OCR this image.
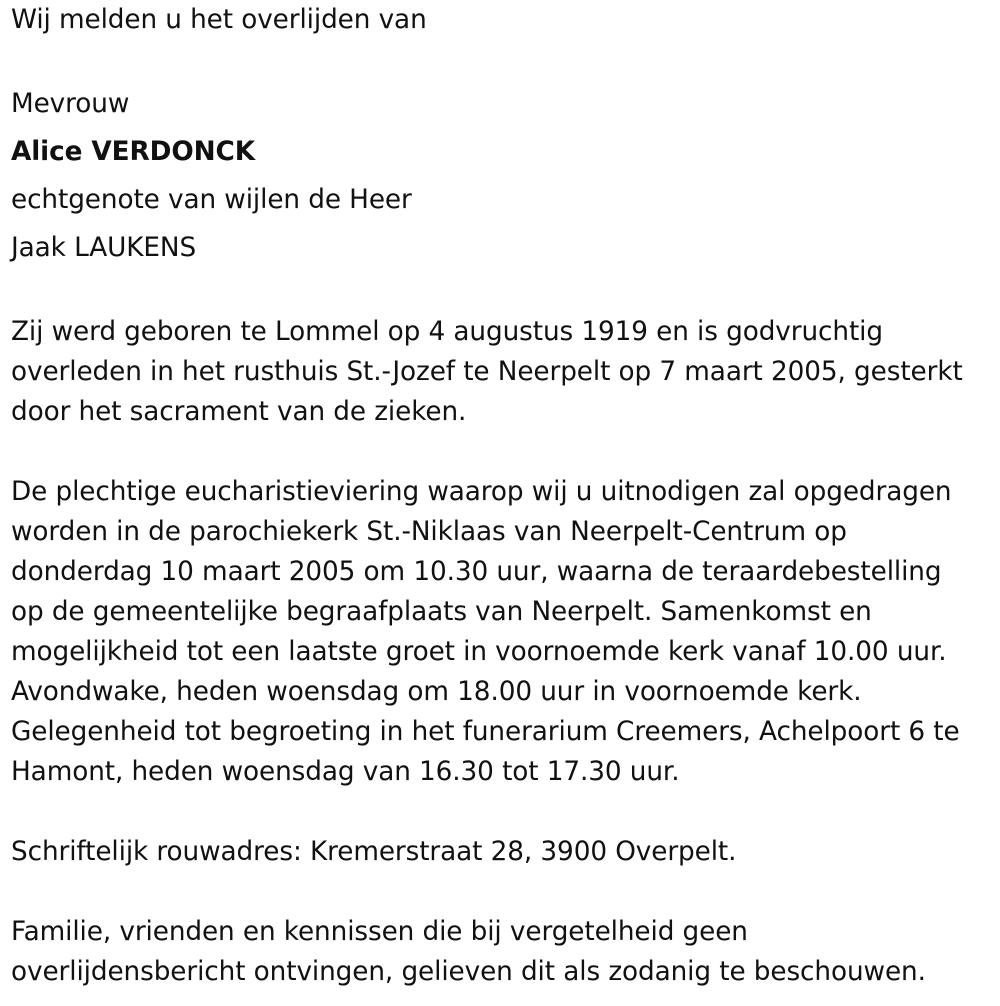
Wij melden u het overlijden van
Mevrouw
Alice VERDONCK
echtgenote van wijlen de Heer
Jaak LAUKENS
Zij werd geboren te Lommel op 4 augustus 1919 en is godvruchtig
overleden in het rusthuis St.-Jozef te Neerpelt op 7 maart 2005, gesterkt
door het sacrament van de zieken.
De plechtige eucharistieviering waarop wij u uitnodigen zal opgedragen
worden in de parochiekerk St.-Niklaas van Neerpelt-Centrum op
donderdag 10 maart 2005 om 10.30 uur, waarna de teraardebestelling
op de gemeentelijke begraafplaats van Neerpelt. Samenkomst en
mogelijkheid tot een laatste groet in voornoemde kerk vanaf 10.00 uur.
Avondwake, heden woensdag om 18.00 uur in voornoemde kerk.
Gelegenheid tot begroeting in het funerarium Creemers, Achelpoort 6 te
Hamont, heden woensdag van 16.30 tot 17.30 uur.
Schriftelijk rouwadres: Kremerstraat 28, 3900 Overpelt.
Familie, vrienden en kennissen die bij vergetelheid geen
overlijdensbericht ontvingen, gelieven dit als zodanig te beschouwen.
